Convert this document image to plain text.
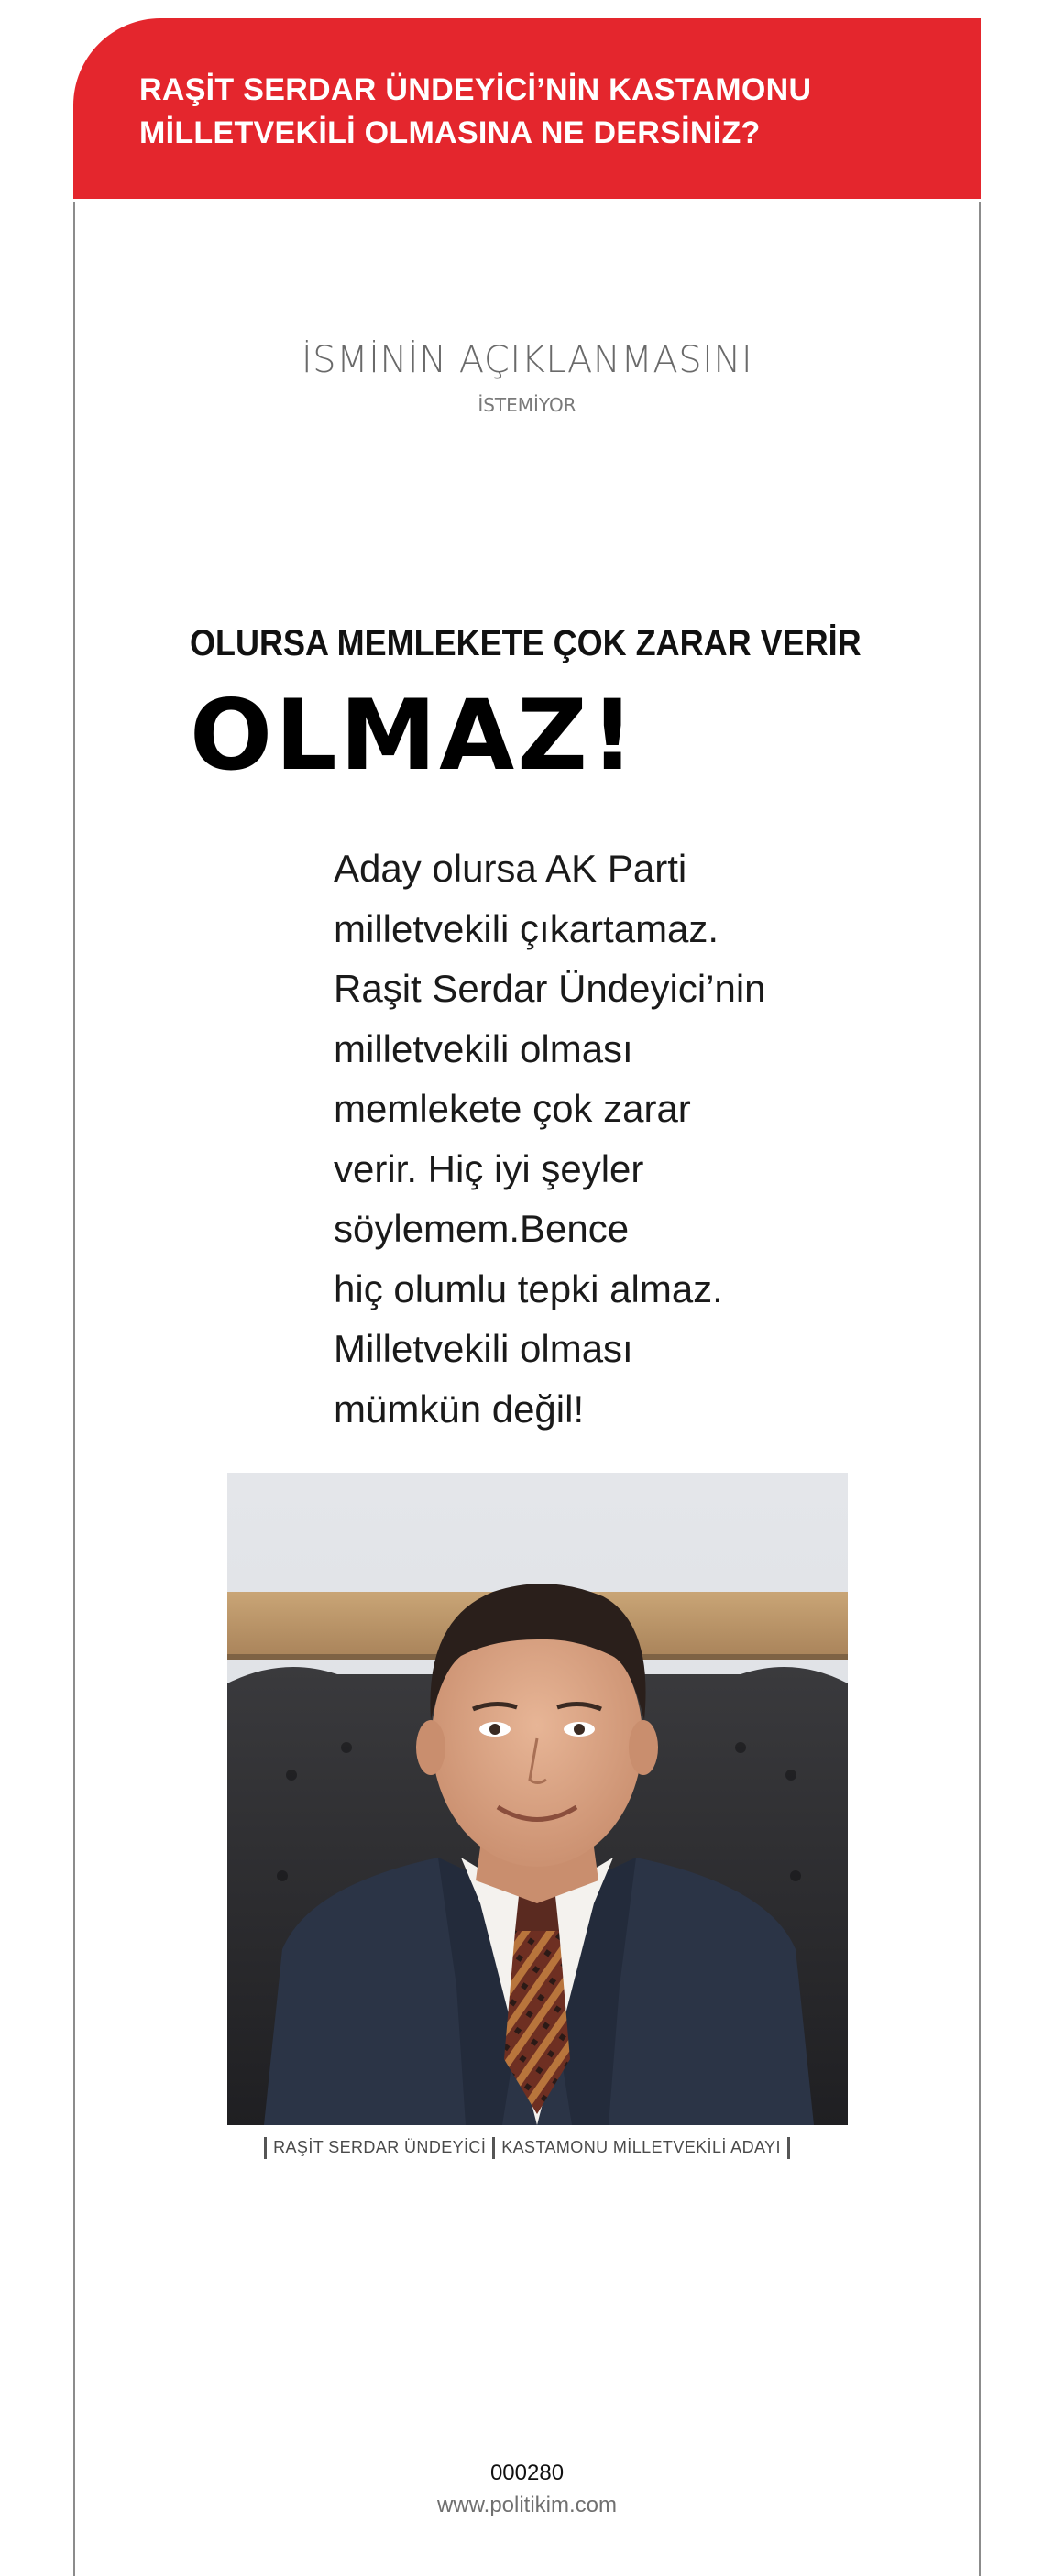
RAŞİT SERDAR ÜNDEYİCİ’NİN KASTAMONU MİLLETVEKİLİ OLMASINA NE DERSİNİZ?
İSMİNİN AÇIKLANMASINI
İSTEMİYOR
OLURSA MEMLEKETE ÇOK ZARAR VERİR
OLMAZ!

Aday olursa AK Parti
milletvekili çıkartamaz.
Raşit Serdar Ündeyici’nin
milletvekili olması
memlekete çok zarar
verir. Hiç iyi şeyler
söylemem.Bence
hiç olumlu tepki almaz.
Milletvekili olması
mümkün değil!

RAŞİT SERDAR ÜNDEYİCİ KASTAMONU MİLLETVEKİLİ ADAYI
000280
www.politikim.com
